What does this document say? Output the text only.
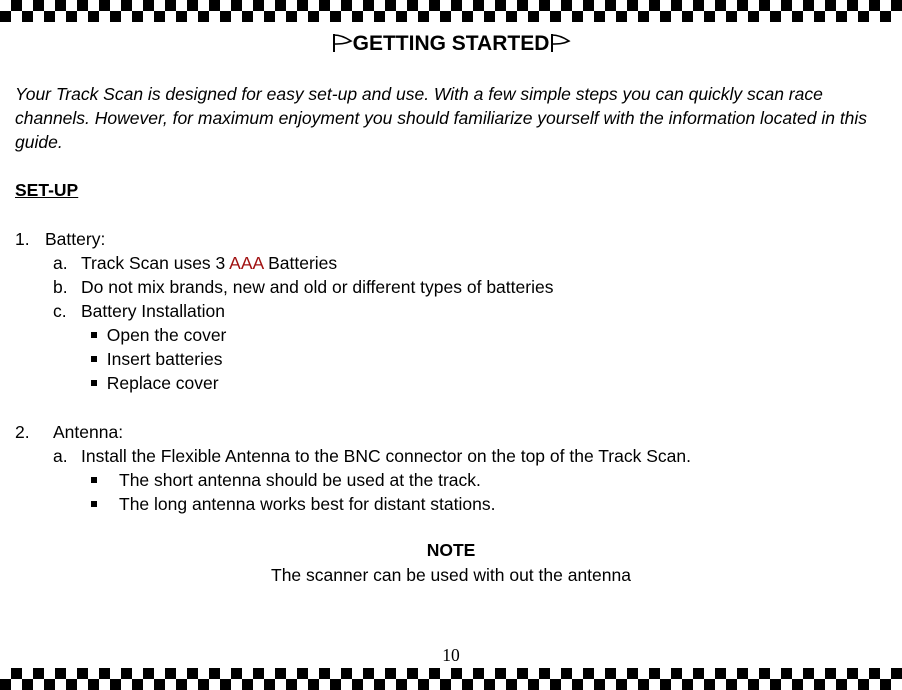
GETTING STARTED
Your Track Scan is designed for easy set-up and use. With a few simple steps you can quickly scan race channels. However, for maximum enjoyment you should familiarize yourself with the information located in this guide.
SET-UP
1. Battery:
a. Track Scan uses 3 AAA Batteries
b. Do not mix brands, new and old or different types of batteries
c. Battery Installation
Open the cover
Insert batteries
Replace cover
2. Antenna:
a. Install the Flexible Antenna to the BNC connector on the top of the Track Scan.
The short antenna should be used at the track.
The long antenna works best for distant stations.
NOTE
The scanner can be used with out the antenna
10
